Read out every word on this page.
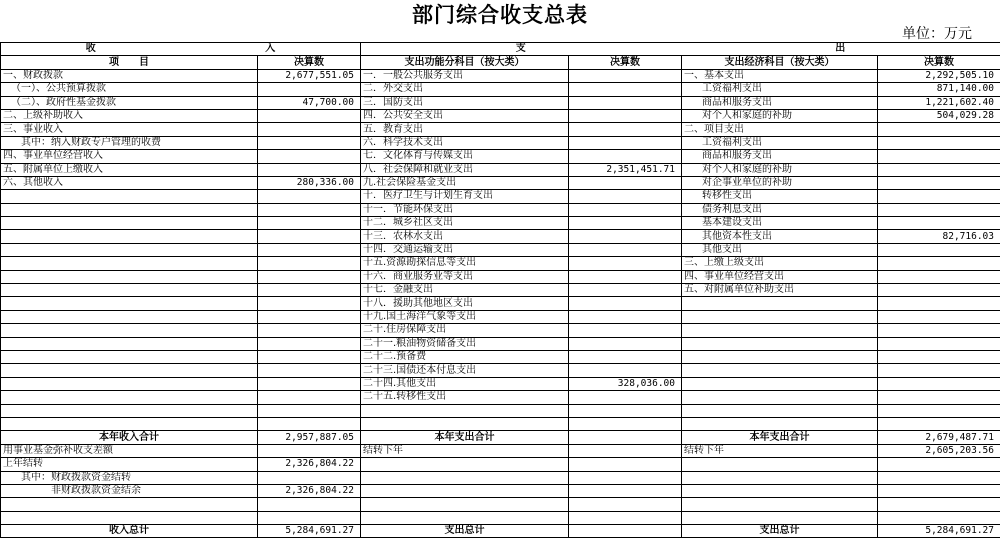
部门综合收支总表
单位：万元
收 入		支 出			

项　　目	决算数	支出功能分科目（按大类）	决算数	支出经济科目（按大类）	决算数
一、财政拨款	2,677,551.05	一．一般公共服务支出		一、基本支出	2,292,505.10
（一）、公共预算拨款		二．外交支出		工资福利支出	871,140.00
（二）、政府性基金拨款	47,700.00	三．国防支出		商品和服务支出	1,221,602.40
二、上级补助收入		四．公共安全支出		对个人和家庭的补助	504,029.28
三、事业收入		五．教育支出		二、项目支出	
其中：纳入财政专户管理的收费		六．科学技术支出		工资福利支出	
四、事业单位经营收入		七．文化体育与传媒支出		商品和服务支出	
五、附属单位上缴收入		八．社会保障和就业支出	2,351,451.71	对个人和家庭的补助	
六、其他收入	280,336.00	九.社会保险基金支出		对企事业单位的补助	
		十．医疗卫生与计划生育支出		转移性支出	
		十一．节能环保支出		债务利息支出	
		十二．城乡社区支出		基本建设支出	
		十三．农林水支出		其他资本性支出	82,716.03
		十四．交通运输支出		其他支出	
		十五.资源勘探信息等支出		三、上缴上级支出	
		十六．商业服务业等支出		四、事业单位经营支出	
		十七．金融支出		五、对附属单位补助支出	
		十八．援助其他地区支出			
		十九.国土海洋气象等支出			
		二十.住房保障支出			
		二十一.粮油物资储备支出			
		二十二.预备费			
		二十三.国债还本付息支出			
		二十四.其他支出	328,036.00		
		二十五.转移性支出			

本年收入合计	2,957,887.05	本年支出合计		本年支出合计	2,679,487.71
用事业基金弥补收支差额		结转下年		结转下年	2,605,203.56
上年结转	2,326,804.22				
其中：财政拨款资金结转					
非财政拨款资金结余	2,326,804.22				

收入总计	5,284,691.27	支出总计		支出总计	5,284,691.27
